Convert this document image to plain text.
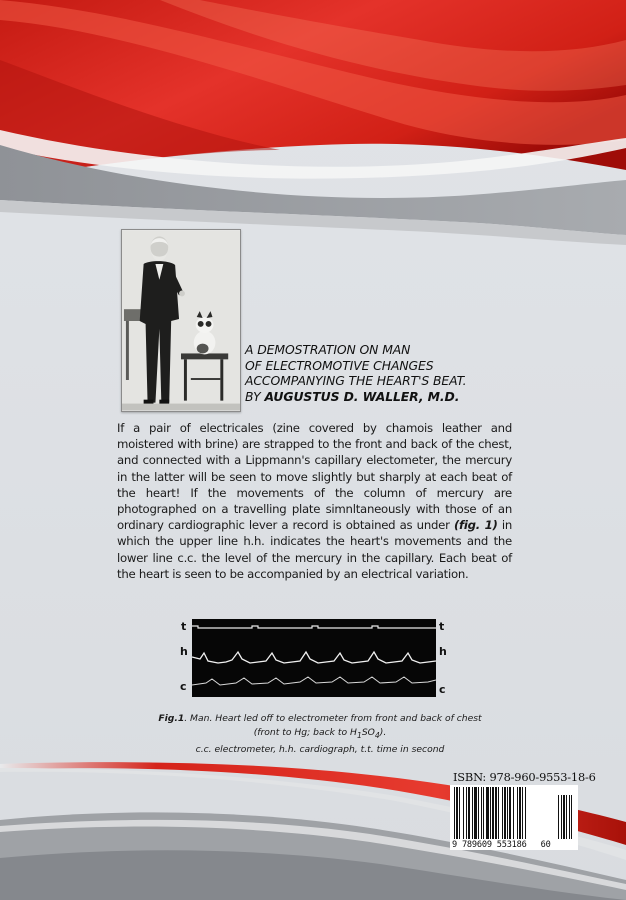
A DEMOSTRATION ON MAN
OF ELECTROMOTIVE CHANGES
ACCOMPANYING THE HEART'S BEAT.
BY AUGUSTUS D. WALLER, M.D.
If a pair of electricales (zine covered by chamois leather and moistered with brine) are strapped to the front and back of the chest, and connected with a Lippmann's capillary electometer, the mercury in the latter will be seen to move slightly but sharply at each beat of the heart! If the movements of the column of mercury are photographed on a travelling plate simnltaneously with those of an ordinary cardiographic lever a record is obtained as under (fig. 1) in which the upper line h.h. indicates the heart's movements and the lower line c.c. the level of the mercury in the capillary. Each beat of the heart is seen to be accompanied by an electrical variation.
t	t
h	h
c	c
Fig.1. Man. Heart led off to electrometer from front and back of chest
(front to Hg; back to $H_1SO_4$).
c.c. electrometer, h.h. cardiograph, t.t. time in second
ISBN: 978-960-9553-18-6
9 789609 553186 60
